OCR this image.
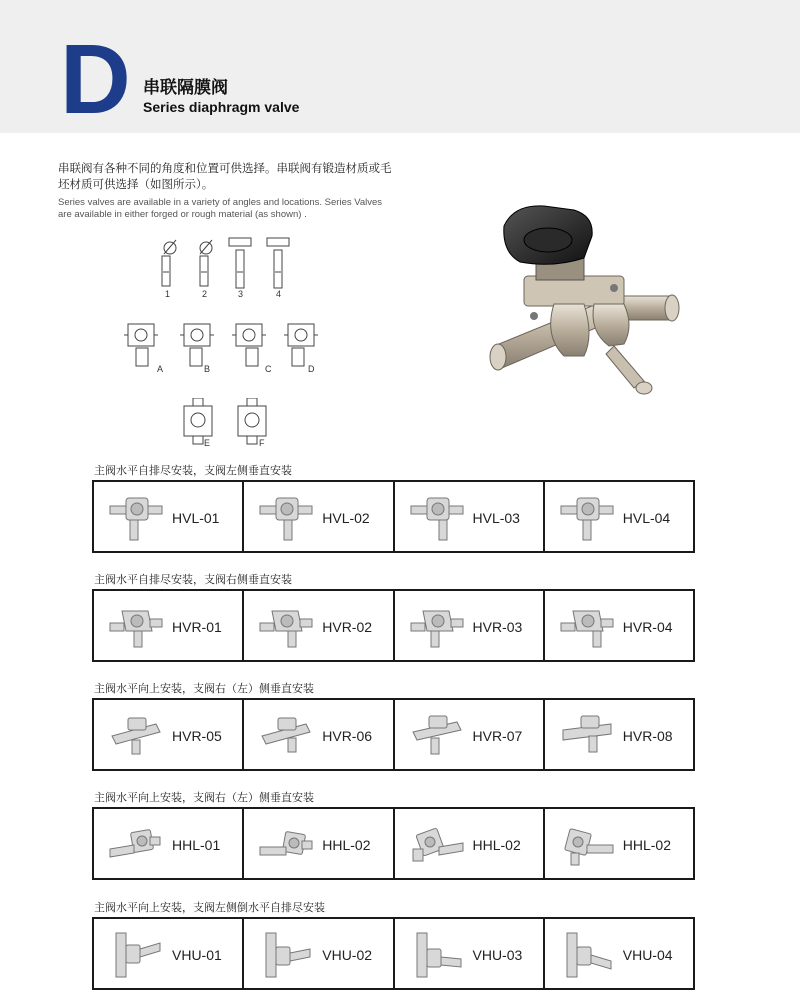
D 串联隔膜阀
Series diaphragm valve
串联阀有各种不同的角度和位置可供选择。串联阀有锻造材质或毛坯材质可供选择（如图所示）。
Series valves are available in a variety of angles and locations. Series Valves are available in either forged or rough material (as shown) .
1	2	3	4
A	B	C	D
E	F
主阀水平自排尽安装，支阀左侧垂直安装
HVL-01	HVL-02	HVL-03	HVL-04
主阀水平自排尽安装，支阀右侧垂直安装
HVR-01	HVR-02	HVR-03	HVR-04
主阀水平向上安装，支阀右（左）侧垂直安装
HVR-05	HVR-06	HVR-07	HVR-08
主阀水平向上安装，支阀右（左）侧垂直安装
HHL-01	HHL-02	HHL-02	HHL-02
主阀水平向上安装，支阀左侧倒水平自排尽安装
VHU-01	VHU-02	VHU-03	VHU-04
